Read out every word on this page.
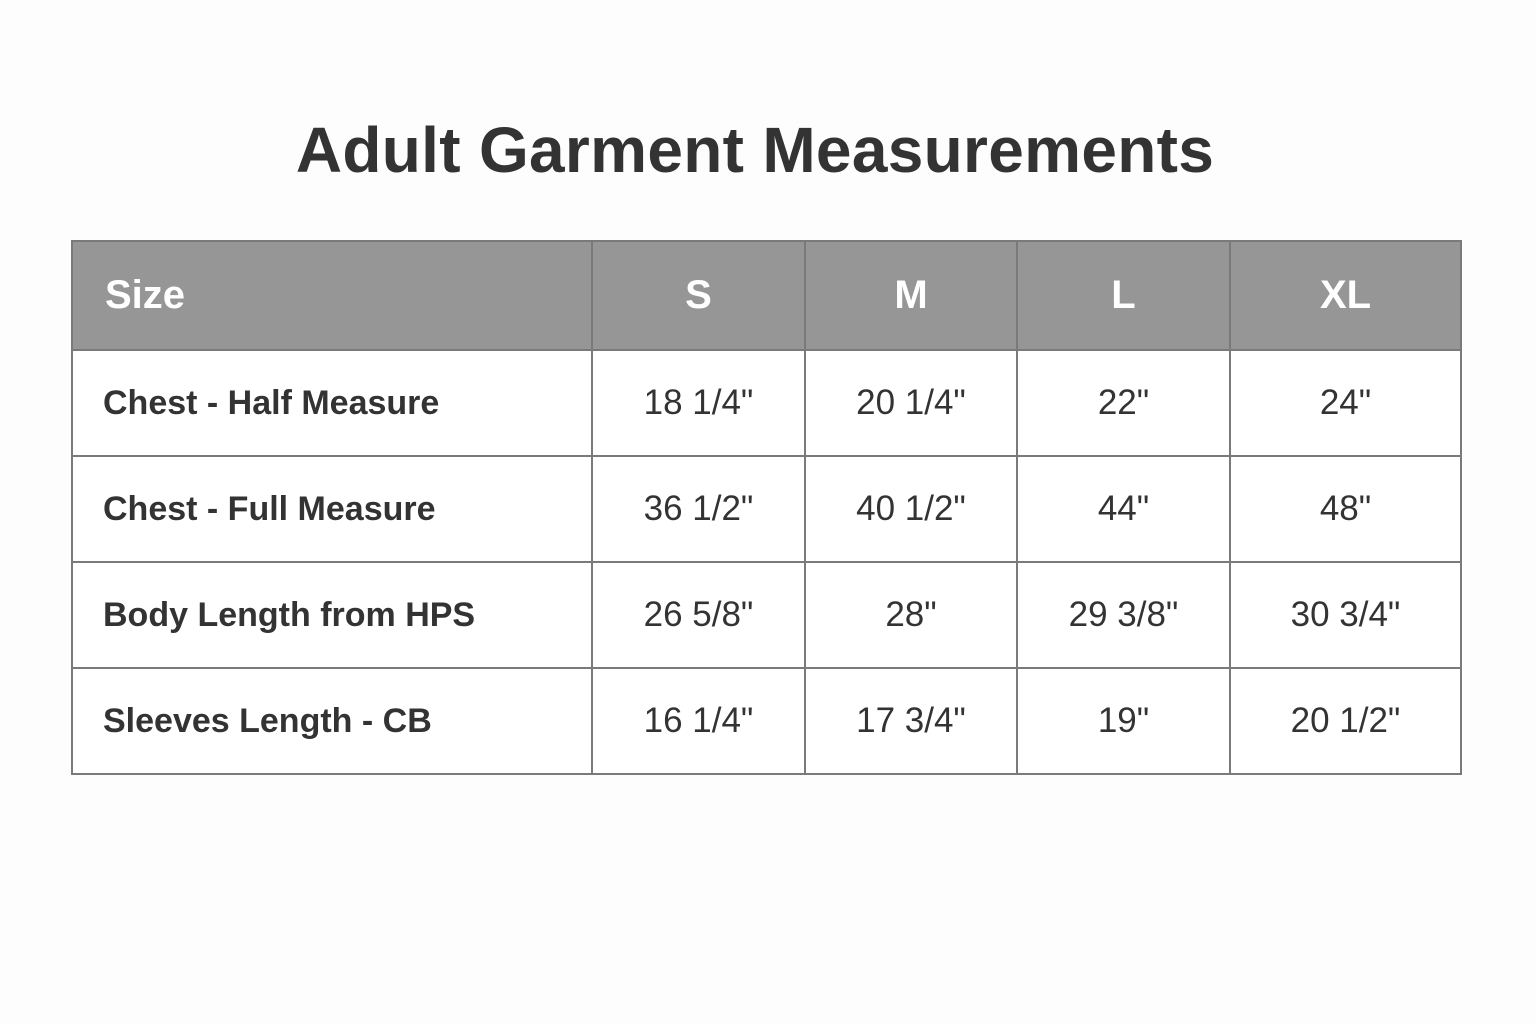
Adult Garment Measurements
Size	S	M	L	XL
Chest - Half Measure	18 1/4"	20 1/4"	22"	24"
Chest - Full Measure	36 1/2"	40 1/2"	44"	48"
Body Length from HPS	26 5/8"	28"	29 3/8"	30 3/4"
Sleeves Length - CB	16 1/4"	17 3/4"	19"	20 1/2"
